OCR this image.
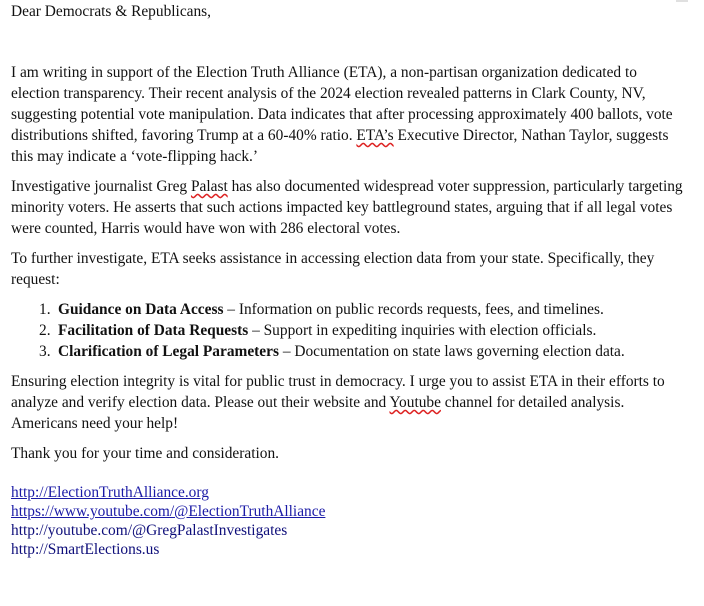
Dear Democrats & Republicans,

I am writing in support of the Election Truth Alliance (ETA), a non-partisan organization dedicated to election transparency. Their recent analysis of the 2024 election revealed patterns in Clark County, NV, suggesting potential vote manipulation. Data indicates that after processing approximately 400 ballots, vote distributions shifted, favoring Trump at a 60-40% ratio. ETA’s Executive Director, Nathan Taylor, suggests this may indicate a ‘vote-flipping hack.’

Investigative journalist Greg Palast has also documented widespread voter suppression, particularly targeting minority voters. He asserts that such actions impacted key battleground states, arguing that if all legal votes were counted, Harris would have won with 286 electoral votes.

To further investigate, ETA seeks assistance in accessing election data from your state. Specifically, they request:

1. Guidance on Data Access – Information on public records requests, fees, and timelines.
2. Facilitation of Data Requests – Support in expediting inquiries with election officials.
3. Clarification of Legal Parameters – Documentation on state laws governing election data.

Ensuring election integrity is vital for public trust in democracy. I urge you to assist ETA in their efforts to analyze and verify election data. Please out their website and Youtube channel for detailed analysis. Americans need your help!

Thank you for your time and consideration.

http://ElectionTruthAlliance.org
https://www.youtube.com/@ElectionTruthAlliance
http://youtube.com/@GregPalastInvestigates
http://SmartElections.us
